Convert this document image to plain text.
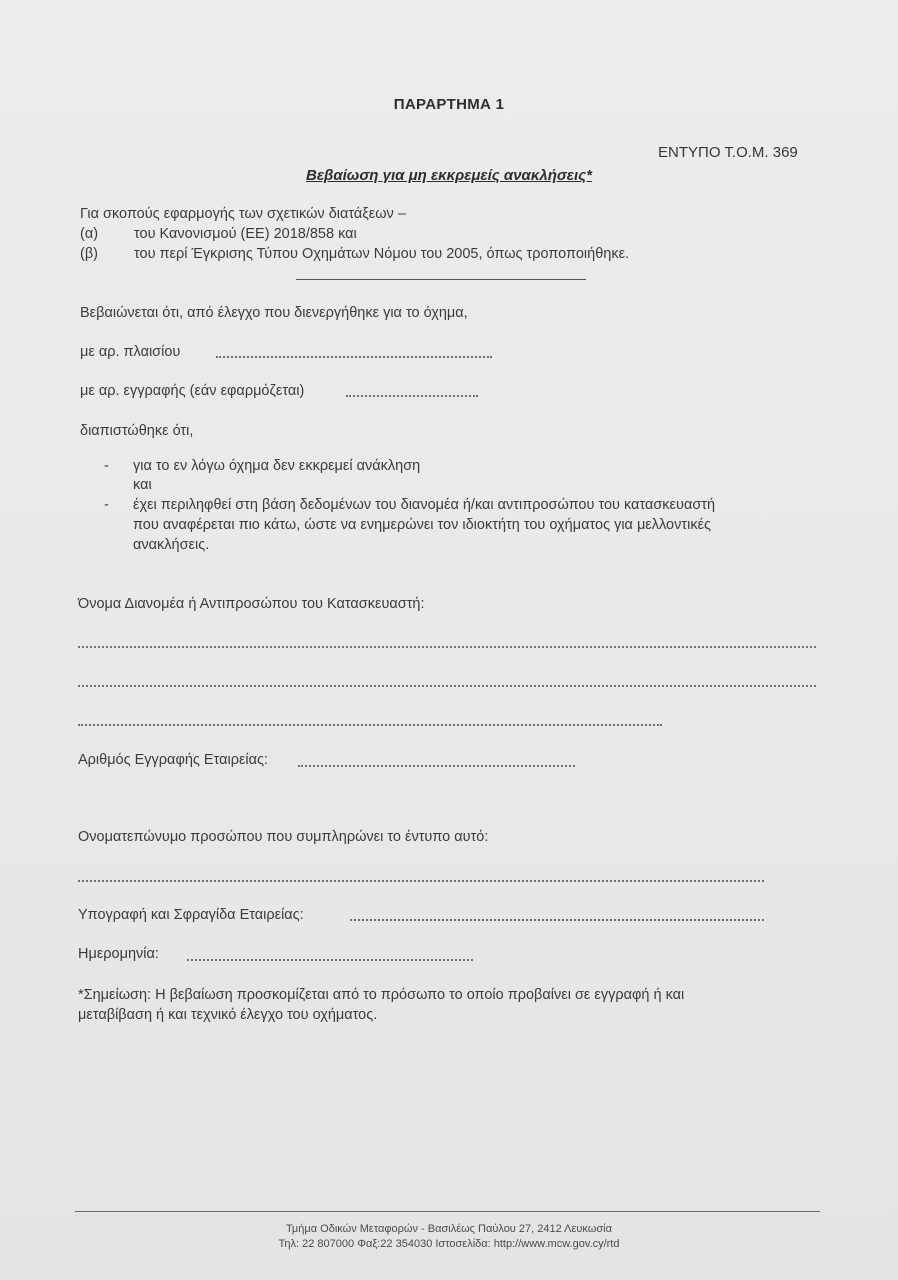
ΠΑΡΑΡΤΗΜΑ 1
ΕΝΤΥΠΟ Τ.Ο.Μ. 369
Βεβαίωση για μη εκκρεμείς ανακλήσεις*
Για σκοπούς εφαρμογής των σχετικών διατάξεων –
(α) του Κανονισμού (ΕΕ) 2018/858 και
(β) του περί Έγκρισης Τύπου Οχημάτων Νόμου του 2005, όπως τροποποιήθηκε.
Βεβαιώνεται ότι, από έλεγχο που διενεργήθηκε για το όχημα,
με αρ. πλαισίου
με αρ. εγγραφής (εάν εφαρμόζεται)
διαπιστώθηκε ότι,
- για το εν λόγω όχημα δεν εκκρεμεί ανάκληση
και
- έχει περιληφθεί στη βάση δεδομένων του διανομέα ή/και αντιπροσώπου του κατασκευαστή
που αναφέρεται πιο κάτω, ώστε να ενημερώνει τον ιδιοκτήτη του οχήματος για μελλοντικές
ανακλήσεις.
Όνομα Διανομέα ή Αντιπροσώπου του Κατασκευαστή:
Αριθμός Εγγραφής Εταιρείας:
Ονοματεπώνυμο προσώπου που συμπληρώνει το έντυπο αυτό:
Υπογραφή και Σφραγίδα Εταιρείας:
Ημερομηνία:
*Σημείωση: Η βεβαίωση προσκομίζεται από το πρόσωπο το οποίο προβαίνει σε εγγραφή ή και
μεταβίβαση ή και τεχνικό έλεγχο του οχήματος.
Τμήμα Οδικών Μεταφορών - Βασιλέως Παύλου 27, 2412 Λευκωσία
Τηλ: 22 807000 Φαξ:22 354030 Ιστοσελίδα: http://www.mcw.gov.cy/rtd
